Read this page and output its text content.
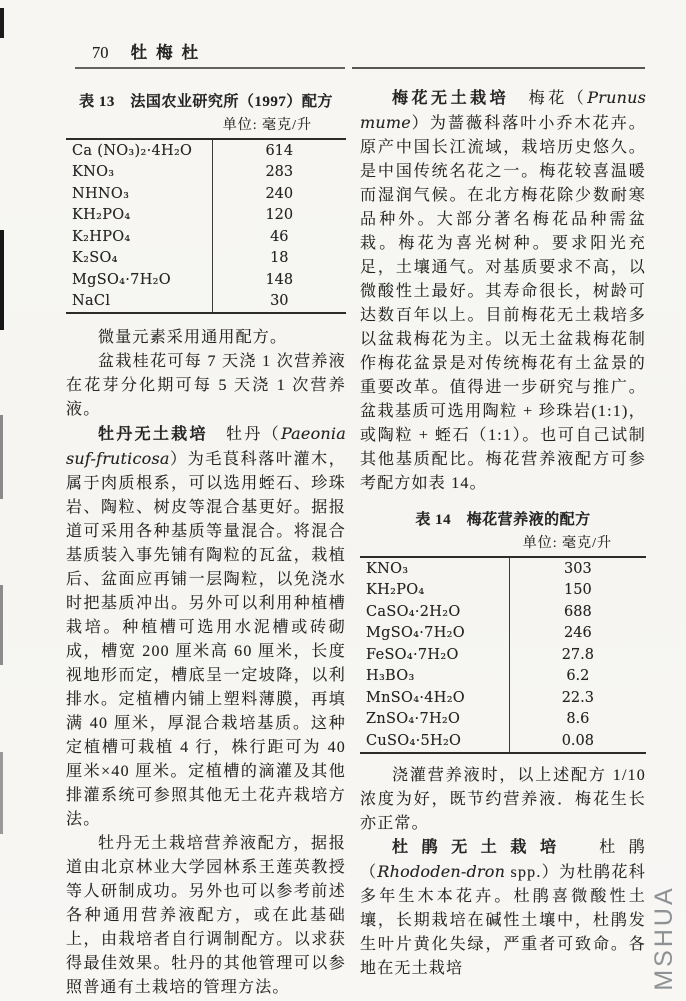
70 牡梅杜
表 13　法国农业研究所（1997）配方
单位: 毫克/升
Ca (NO₃)₂·4H₂O	614
KNO₃	283
NHNO₃	240
KH₂PO₄	120
K₂HPO₄	46
K₂SO₄	18
MgSO₄·7H₂O	148
NaCl	30

微量元素采用通用配方。

盆栽桂花可每 7 天浇 1 次营养液在花芽分化期可每 5 天浇 1 次营养液。

牡丹无土栽培　牡丹（Paeonia suf-fruticosa）为毛茛科落叶灌木，属于肉质根系，可以选用蛭石、珍珠岩、陶粒、树皮等混合基更好。据报道可采用各种基质等量混合。将混合基质装入事先铺有陶粒的瓦盆，栽植后、盆面应再铺一层陶粒，以免浇水时把基质冲出。另外可以利用种植槽栽培。种植槽可选用水泥槽或砖砌成，槽宽 200 厘米高 60 厘米，长度视地形而定，槽底呈一定坡降，以利排水。定植槽内铺上塑料薄膜，再填满 40 厘米，厚混合栽培基质。这种定植槽可栽植 4 行，株行距可为 40 厘米×40 厘米。定植槽的滴灌及其他排灌系统可参照其他无土花卉栽培方法。

牡丹无土栽培营养液配方，据报道由北京林业大学园林系王莲英教授等人研制成功。另外也可以参考前述各种通用营养液配方，或在此基础上，由栽培者自行调制配方。以求获得最佳效果。牡丹的其他管理可以参照普通有土栽培的管理方法。

梅花无土栽培　梅花（Prunus mume）为蔷薇科落叶小乔木花卉。原产中国长江流域，栽培历史悠久。是中国传统名花之一。梅花较喜温暖而湿润气候。在北方梅花除少数耐寒品种外。大部分著名梅花品种需盆栽。梅花为喜光树种。要求阳光充足，土壤通气。对基质要求不高，以微酸性土最好。其寿命很长，树龄可达数百年以上。目前梅花无土栽培多以盆栽梅花为主。以无土盆栽梅花制作梅花盆景是对传统梅花有土盆景的重要改革。值得进一步研究与推广。盆栽基质可选用陶粒 + 珍珠岩(1:1)，或陶粒 + 蛭石（1:1）。也可自己试制其他基质配比。梅花营养液配方可参考配方如表 14。

表 14　梅花营养液的配方
单位: 毫克/升
KNO₃	303
KH₂PO₄	150
CaSO₄·2H₂O	688
MgSO₄·7H₂O	246
FeSO₄·7H₂O	27.8
H₃BO₃	6.2
MnSO₄·4H₂O	22.3
ZnSO₄·7H₂O	8.6
CuSO₄·5H₂O	0.08

浇灌营养液时，以上述配方 1/10 浓度为好，既节约营养液．梅花生长亦正常。

杜鹃无土栽培　杜鹃（Rhododen-dron spp.）为杜鹃花科多年生木本花卉。杜鹃喜微酸性土壤，长期栽培在碱性土壤中，杜鹃发生叶片黄化失绿，严重者可致命。各地在无土栽培	MSHUA
